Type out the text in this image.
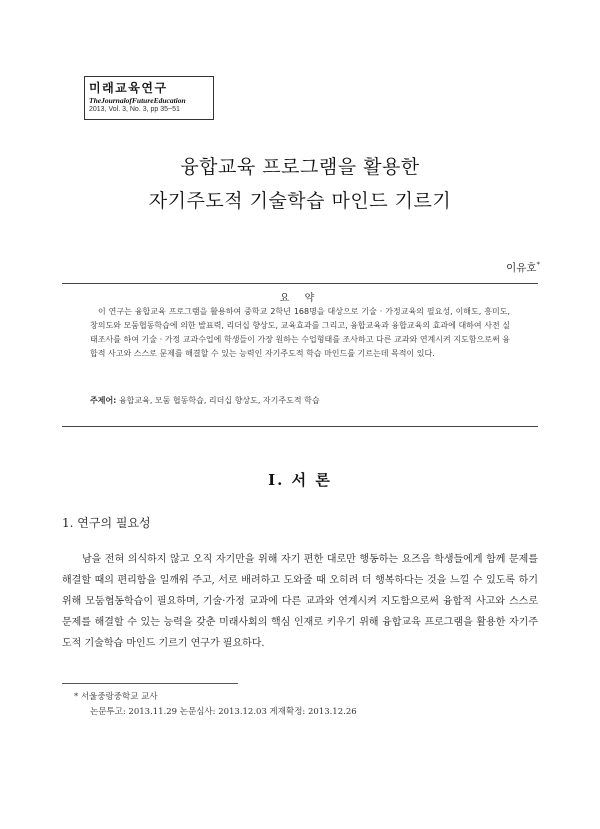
미래교육연구
TheJournalofFutureEducation
2013, Vol. 3, No. 3, pp 35~51
융합교육 프로그램을 활용한
자기주도적 기술학습 마인드 기르기
이유호*
요 약

이 연구는 융합교육 프로그램을 활용하여 중학교 2학년 168명을 대상으로 기술 · 가정교육의 필요성, 이해도, 흥미도, 창의도와 모둠협동학습에 의한 발표력, 리더십 향상도, 교육효과를 그리고, 융합교육과 융합교육의 효과에 대하여 사전 실태조사를 하여 기술 · 가정 교과수업에 학생들이 가장 원하는 수업형태를 조사하고 다른 교과와 연계시켜 지도함으로써 융합적 사고와 스스로 문제를 해결할 수 있는 능력인 자기주도적 학습 마인드를 기르는데 목적이 있다.

주제어: 융합교육, 모둠 협동학습, 리더십 향상도, 자기주도적 학습
Ⅰ. 서 론
1. 연구의 필요성

남을 전혀 의식하지 않고 오직 자기만을 위해 자기 편한 대로만 행동하는 요즈음 학생들에게 함께 문제를 해결할 때의 편리함을 일깨워 주고, 서로 배려하고 도와줄 때 오히려 더 행복하다는 것을 느낄 수 있도록 하기 위해 모둠협동학습이 필요하며, 기술·가정 교과에 다른 교과와 연계시켜 지도함으로써 융합적 사고와 스스로 문제를 해결할 수 있는 능력을 갖춘 미래사회의 핵심 인재로 키우기 위해 융합교육 프로그램을 활용한 자기주도적 기술학습 마인드 기르기 연구가 필요하다.

* 서울중랑중학교 교사
논문투고: 2013.11.29 논문심사: 2013.12.03 게재확정: 2013.12.26
